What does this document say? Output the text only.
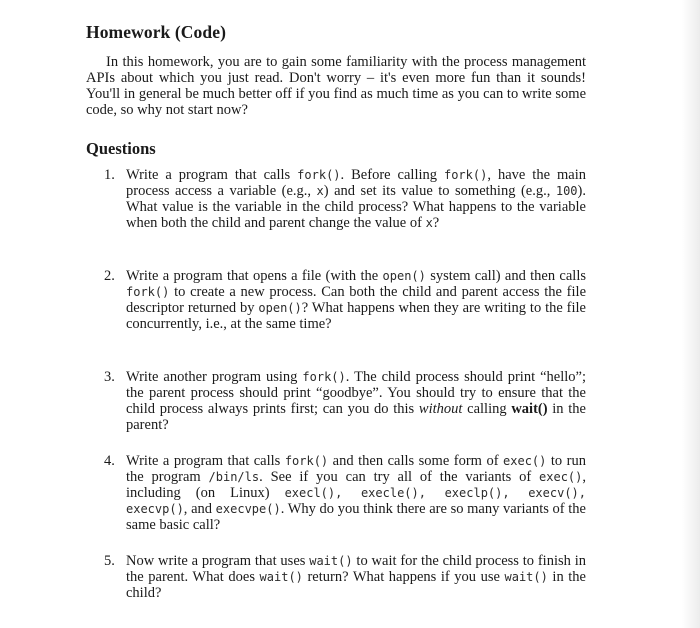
Homework (Code)
In this homework, you are to gain some familiarity with the process management APIs about which you just read. Don't worry – it's even more fun than it sounds! You'll in general be much better off if you find as much time as you can to write some code, so why not start now?
Questions
1. Write a program that calls fork(). Before calling fork(), have the main process access a variable (e.g., x) and set its value to something (e.g., 100). What value is the variable in the child process? What happens to the variable when both the child and parent change the value of x?
2. Write a program that opens a file (with the open() system call) and then calls fork() to create a new process. Can both the child and parent access the file descriptor returned by open()? What happens when they are writing to the file concurrently, i.e., at the same time?
3. Write another program using fork(). The child process should print “hello”; the parent process should print “goodbye”. You should try to ensure that the child process always prints first; can you do this without calling wait() in the parent?
4. Write a program that calls fork() and then calls some form of exec() to run the program /bin/ls. See if you can try all of the variants of exec(), including (on Linux) execl(), execle(), execlp(), execv(), execvp(), and execvpe(). Why do you think there are so many variants of the same basic call?
5. Now write a program that uses wait() to wait for the child process to finish in the parent. What does wait() return? What happens if you use wait() in the child?
